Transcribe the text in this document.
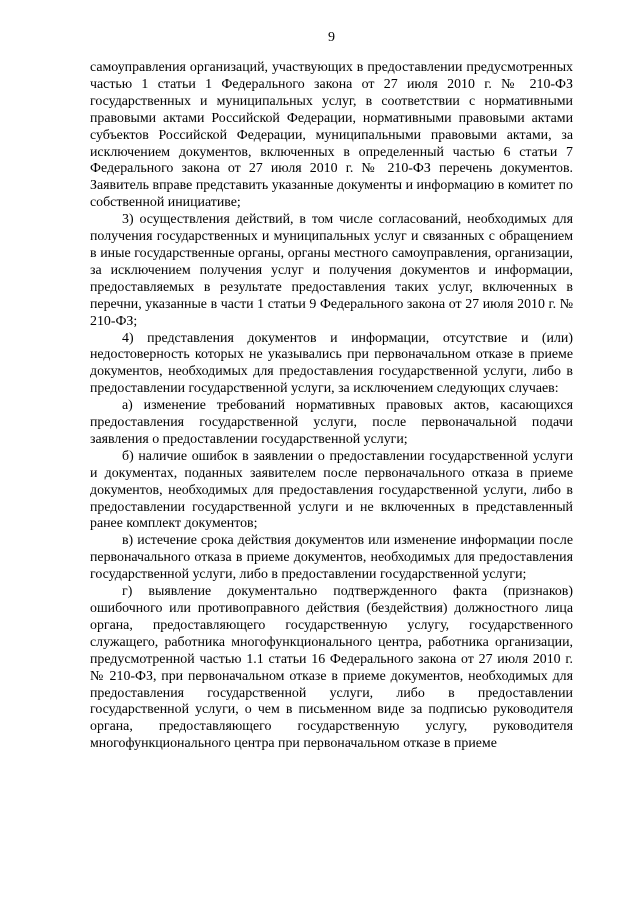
9

самоуправления организаций, участвующих в предоставлении предусмотренных частью 1 статьи 1 Федерального закона от 27 июля 2010 г. № 210-ФЗ государственных и муниципальных услуг, в соответствии с нормативными правовыми актами Российской Федерации, нормативными правовыми актами субъектов Российской Федерации, муниципальными правовыми актами, за исключением документов, включенных в определенный частью 6 статьи 7 Федерального закона от 27 июля 2010 г. № 210-ФЗ перечень документов. Заявитель вправе представить указанные документы и информацию в комитет по собственной инициативе;

3) осуществления действий, в том числе согласований, необходимых для получения государственных и муниципальных услуг и связанных с обращением в иные государственные органы, органы местного самоуправления, организации, за исключением получения услуг и получения документов и информации, предоставляемых в результате предоставления таких услуг, включенных в перечни, указанные в части 1 статьи 9 Федерального закона от 27 июля 2010 г. № 210-ФЗ;

4) представления документов и информации, отсутствие и (или) недостоверность которых не указывались при первоначальном отказе в приеме документов, необходимых для предоставления государственной услуги, либо в предоставлении государственной услуги, за исключением следующих случаев:

а) изменение требований нормативных правовых актов, касающихся предоставления государственной услуги, после первоначальной подачи заявления о предоставлении государственной услуги;

б) наличие ошибок в заявлении о предоставлении государственной услуги и документах, поданных заявителем после первоначального отказа в приеме документов, необходимых для предоставления государственной услуги, либо в предоставлении государственной услуги и не включенных в представленный ранее комплект документов;

в) истечение срока действия документов или изменение информации после первоначального отказа в приеме документов, необходимых для предоставления государственной услуги, либо в предоставлении государственной услуги;

г) выявление документально подтвержденного факта (признаков) ошибочного или противоправного действия (бездействия) должностного лица органа, предоставляющего государственную услугу, государственного служащего, работника многофункционального центра, работника организации, предусмотренной частью 1.1 статьи 16 Федерального закона от 27 июля 2010 г. № 210-ФЗ, при первоначальном отказе в приеме документов, необходимых для предоставления государственной услуги, либо в предоставлении государственной услуги, о чем в письменном виде за подписью руководителя органа, предоставляющего государственную услугу, руководителя многофункционального центра при первоначальном отказе в приеме
